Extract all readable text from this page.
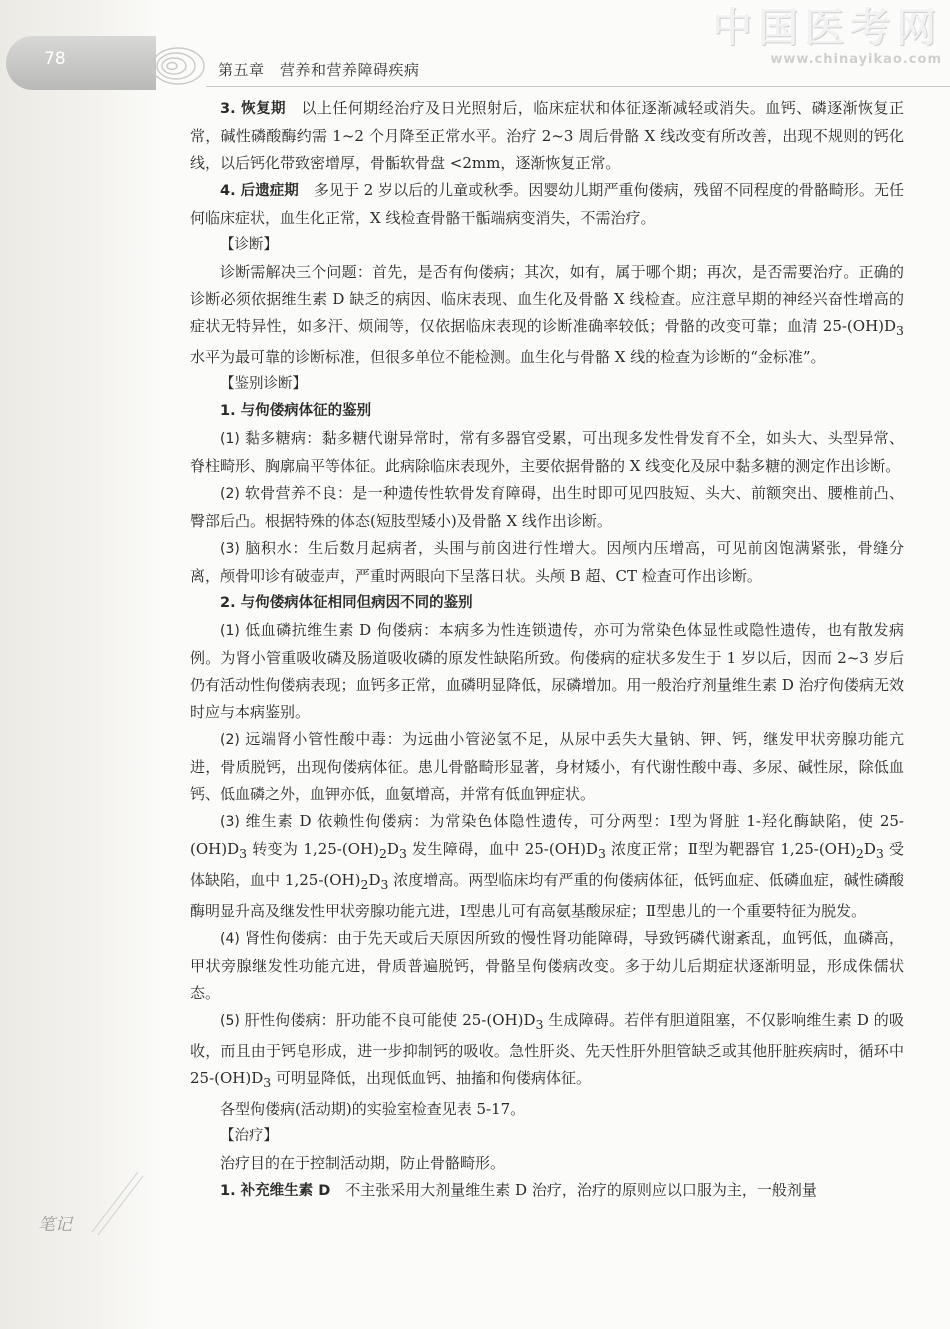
78
第五章　营养和营养障碍疾病
中国医考网
www.chinayikao.com

3. 恢复期　 以上任何期经治疗及日光照射后，临床症状和体征逐渐减轻或消失。血钙、磷逐渐恢复正常，碱性磷酸酶约需 1~2 个月降至正常水平。治疗 2~3 周后骨骼 X 线改变有所改善，出现不规则的钙化线，以后钙化带致密增厚，骨骺软骨盘 <2mm，逐渐恢复正常。

4. 后遗症期　 多见于 2 岁以后的儿童或秋季。因婴幼儿期严重佝偻病，残留不同程度的骨骼畸形。无任何临床症状，血生化正常，X 线检查骨骼干骺端病变消失，不需治疗。

【诊断】

诊断需解决三个问题：首先，是否有佝偻病；其次，如有，属于哪个期；再次，是否需要治疗。正确的诊断必须依据维生素 D 缺乏的病因、临床表现、血生化及骨骼 X 线检查。应注意早期的神经兴奋性增高的症状无特异性，如多汗、烦闹等，仅依据临床表现的诊断准确率较低；骨骼的改变可靠；血清 $25-(OH)D_3$ 水平为最可靠的诊断标准，但很多单位不能检测。血生化与骨骼 X 线的检查为诊断的“金标准”。

【鉴别诊断】

1. 与佝偻病体征的鉴别

(1) 黏多糖病：黏多糖代谢异常时，常有多器官受累，可出现多发性骨发育不全，如头大、头型异常、脊柱畸形、胸廓扁平等体征。此病除临床表现外，主要依据骨骼的 X 线变化及尿中黏多糖的测定作出诊断。

(2) 软骨营养不良：是一种遗传性软骨发育障碍，出生时即可见四肢短、头大、前额突出、腰椎前凸、臀部后凸。根据特殊的体态(短肢型矮小)及骨骼 X 线作出诊断。

(3) 脑积水：生后数月起病者，头围与前囟进行性增大。因颅内压增高，可见前囟饱满紧张，骨缝分离，颅骨叩诊有破壶声，严重时两眼向下呈落日状。头颅 B 超、CT 检查可作出诊断。

2. 与佝偻病体征相同但病因不同的鉴别

(1) 低血磷抗维生素 D 佝偻病：本病多为性连锁遗传，亦可为常染色体显性或隐性遗传，也有散发病例。为肾小管重吸收磷及肠道吸收磷的原发性缺陷所致。佝偻病的症状多发生于 1 岁以后，因而 2~3 岁后仍有活动性佝偻病表现；血钙多正常，血磷明显降低，尿磷增加。用一般治疗剂量维生素 D 治疗佝偻病无效时应与本病鉴别。

(2) 远端肾小管性酸中毒：为远曲小管泌氢不足，从尿中丢失大量钠、钾、钙，继发甲状旁腺功能亢进，骨质脱钙，出现佝偻病体征。患儿骨骼畸形显著，身材矮小，有代谢性酸中毒、多尿、碱性尿，除低血钙、低血磷之外，血钾亦低，血氨增高，并常有低血钾症状。

(3) 维生素 D 依赖性佝偻病：为常染色体隐性遗传，可分两型：Ⅰ型为肾脏 1-羟化酶缺陷，使 $25-(OH)D_3$ 转变为 $1,25-(OH)_2D_3$ 发生障碍，血中 $25-(OH)D_3$ 浓度正常；Ⅱ型为靶器官 $1,25-(OH)_2D_3$ 受体缺陷，血中 $1,25-(OH)_2D_3$ 浓度增高。两型临床均有严重的佝偻病体征，低钙血症、低磷血症，碱性磷酸酶明显升高及继发性甲状旁腺功能亢进，Ⅰ型患儿可有高氨基酸尿症；Ⅱ型患儿的一个重要特征为脱发。

(4) 肾性佝偻病：由于先天或后天原因所致的慢性肾功能障碍，导致钙磷代谢紊乱，血钙低，血磷高，甲状旁腺继发性功能亢进，骨质普遍脱钙，骨骼呈佝偻病改变。多于幼儿后期症状逐渐明显，形成侏儒状态。

(5) 肝性佝偻病：肝功能不良可能使 $25-(OH)D_3$ 生成障碍。若伴有胆道阻塞，不仅影响维生素 D 的吸收，而且由于钙皂形成，进一步抑制钙的吸收。急性肝炎、先天性肝外胆管缺乏或其他肝脏疾病时，循环中 $25-(OH)D_3$ 可明显降低，出现低血钙、抽搐和佝偻病体征。

各型佝偻病(活动期)的实验室检查见表 5-17。

【治疗】

治疗目的在于控制活动期，防止骨骼畸形。

1. 补充维生素 D　 不主张采用大剂量维生素 D 治疗，治疗的原则应以口服为主，一般剂量

笔记
